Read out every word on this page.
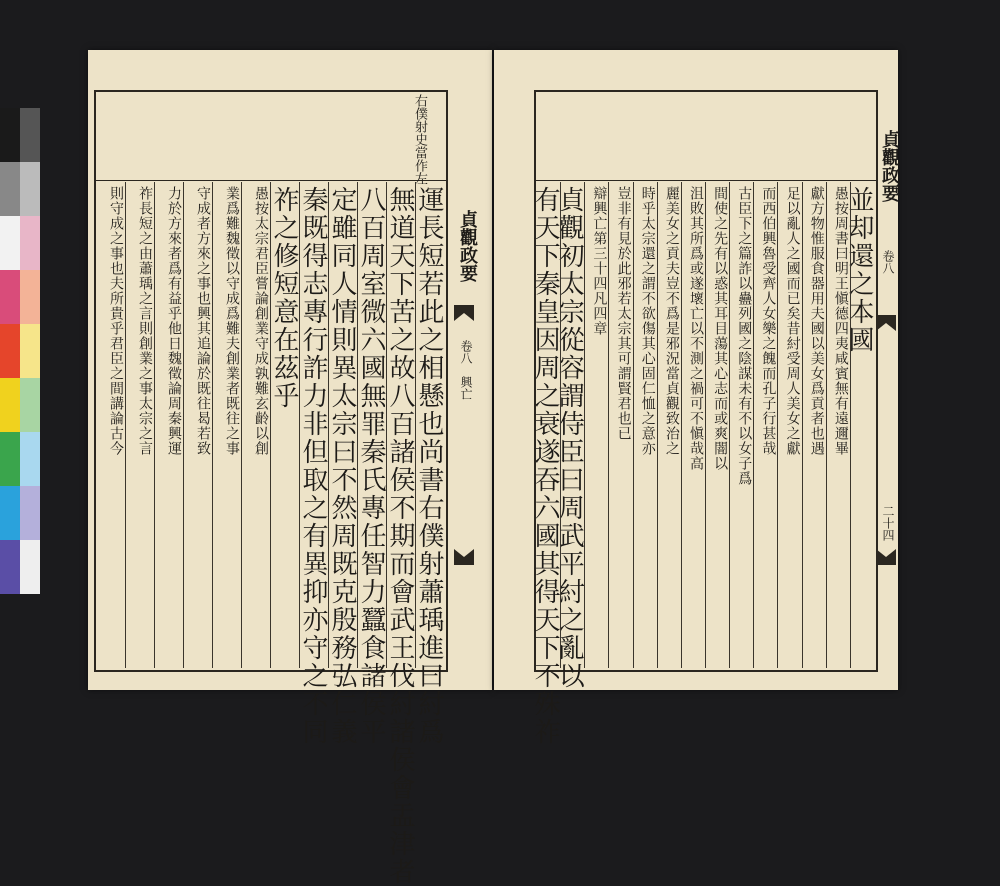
右僕射史當作左
運長短若此之相懸也尚書右僕射蕭瑀進曰紂爲
無道天下苦之故八百諸侯不期而會武王伐紂諸侯會盂津者
八百周室微六國無罪秦氏專任智力蠶食諸侯平
定雖同人情則異太宗曰不然周既克殷務弘仁義
秦既得志專行詐力非但取之有異抑亦守之不同
祚之修短意在茲乎
愚按太宗君臣嘗論創業守成孰難玄齡以創
業爲難魏徵以守成爲難夫創業者既往之事
守成者方來之事也興其追論於既往曷若致
力於方來者爲有益乎他日魏徵論周秦興運
祚長短之由蕭瑀之言則創業之事太宗之言
則守成之事也夫所貴乎君臣之間講論古今	貞觀政要
卷八　興亡
並却還之本國
愚按周書曰明王愼德四夷咸賓無有遠邇畢
獻方物惟服食器用夫國以美女爲貢者也遇
足以亂人之國而已矣昔紂受周人美女之獻
而西伯興魯受齊人女樂之餽而孔子行甚哉
古臣下之篇詐以蠱列國之陰謀未有不以女子爲
間使之先有以惑其耳目蕩其心志而或爽闇以
沮敗其所爲或遂壞亡以不測之禍可不愼哉高
麗美女之貢夫豈不爲是邪況當貞觀致治之
時乎太宗還之謂不欲傷其心固仁恤之意亦
豈非有見於此邪若太宗其可謂賢君也已
辯興亡第三十四凡四章
貞觀初太宗從容謂侍臣曰周武平紂之亂以
有天下秦皇因周之衰遂吞六國其得天下不殊祚
貞觀政要
卷八
二十四
